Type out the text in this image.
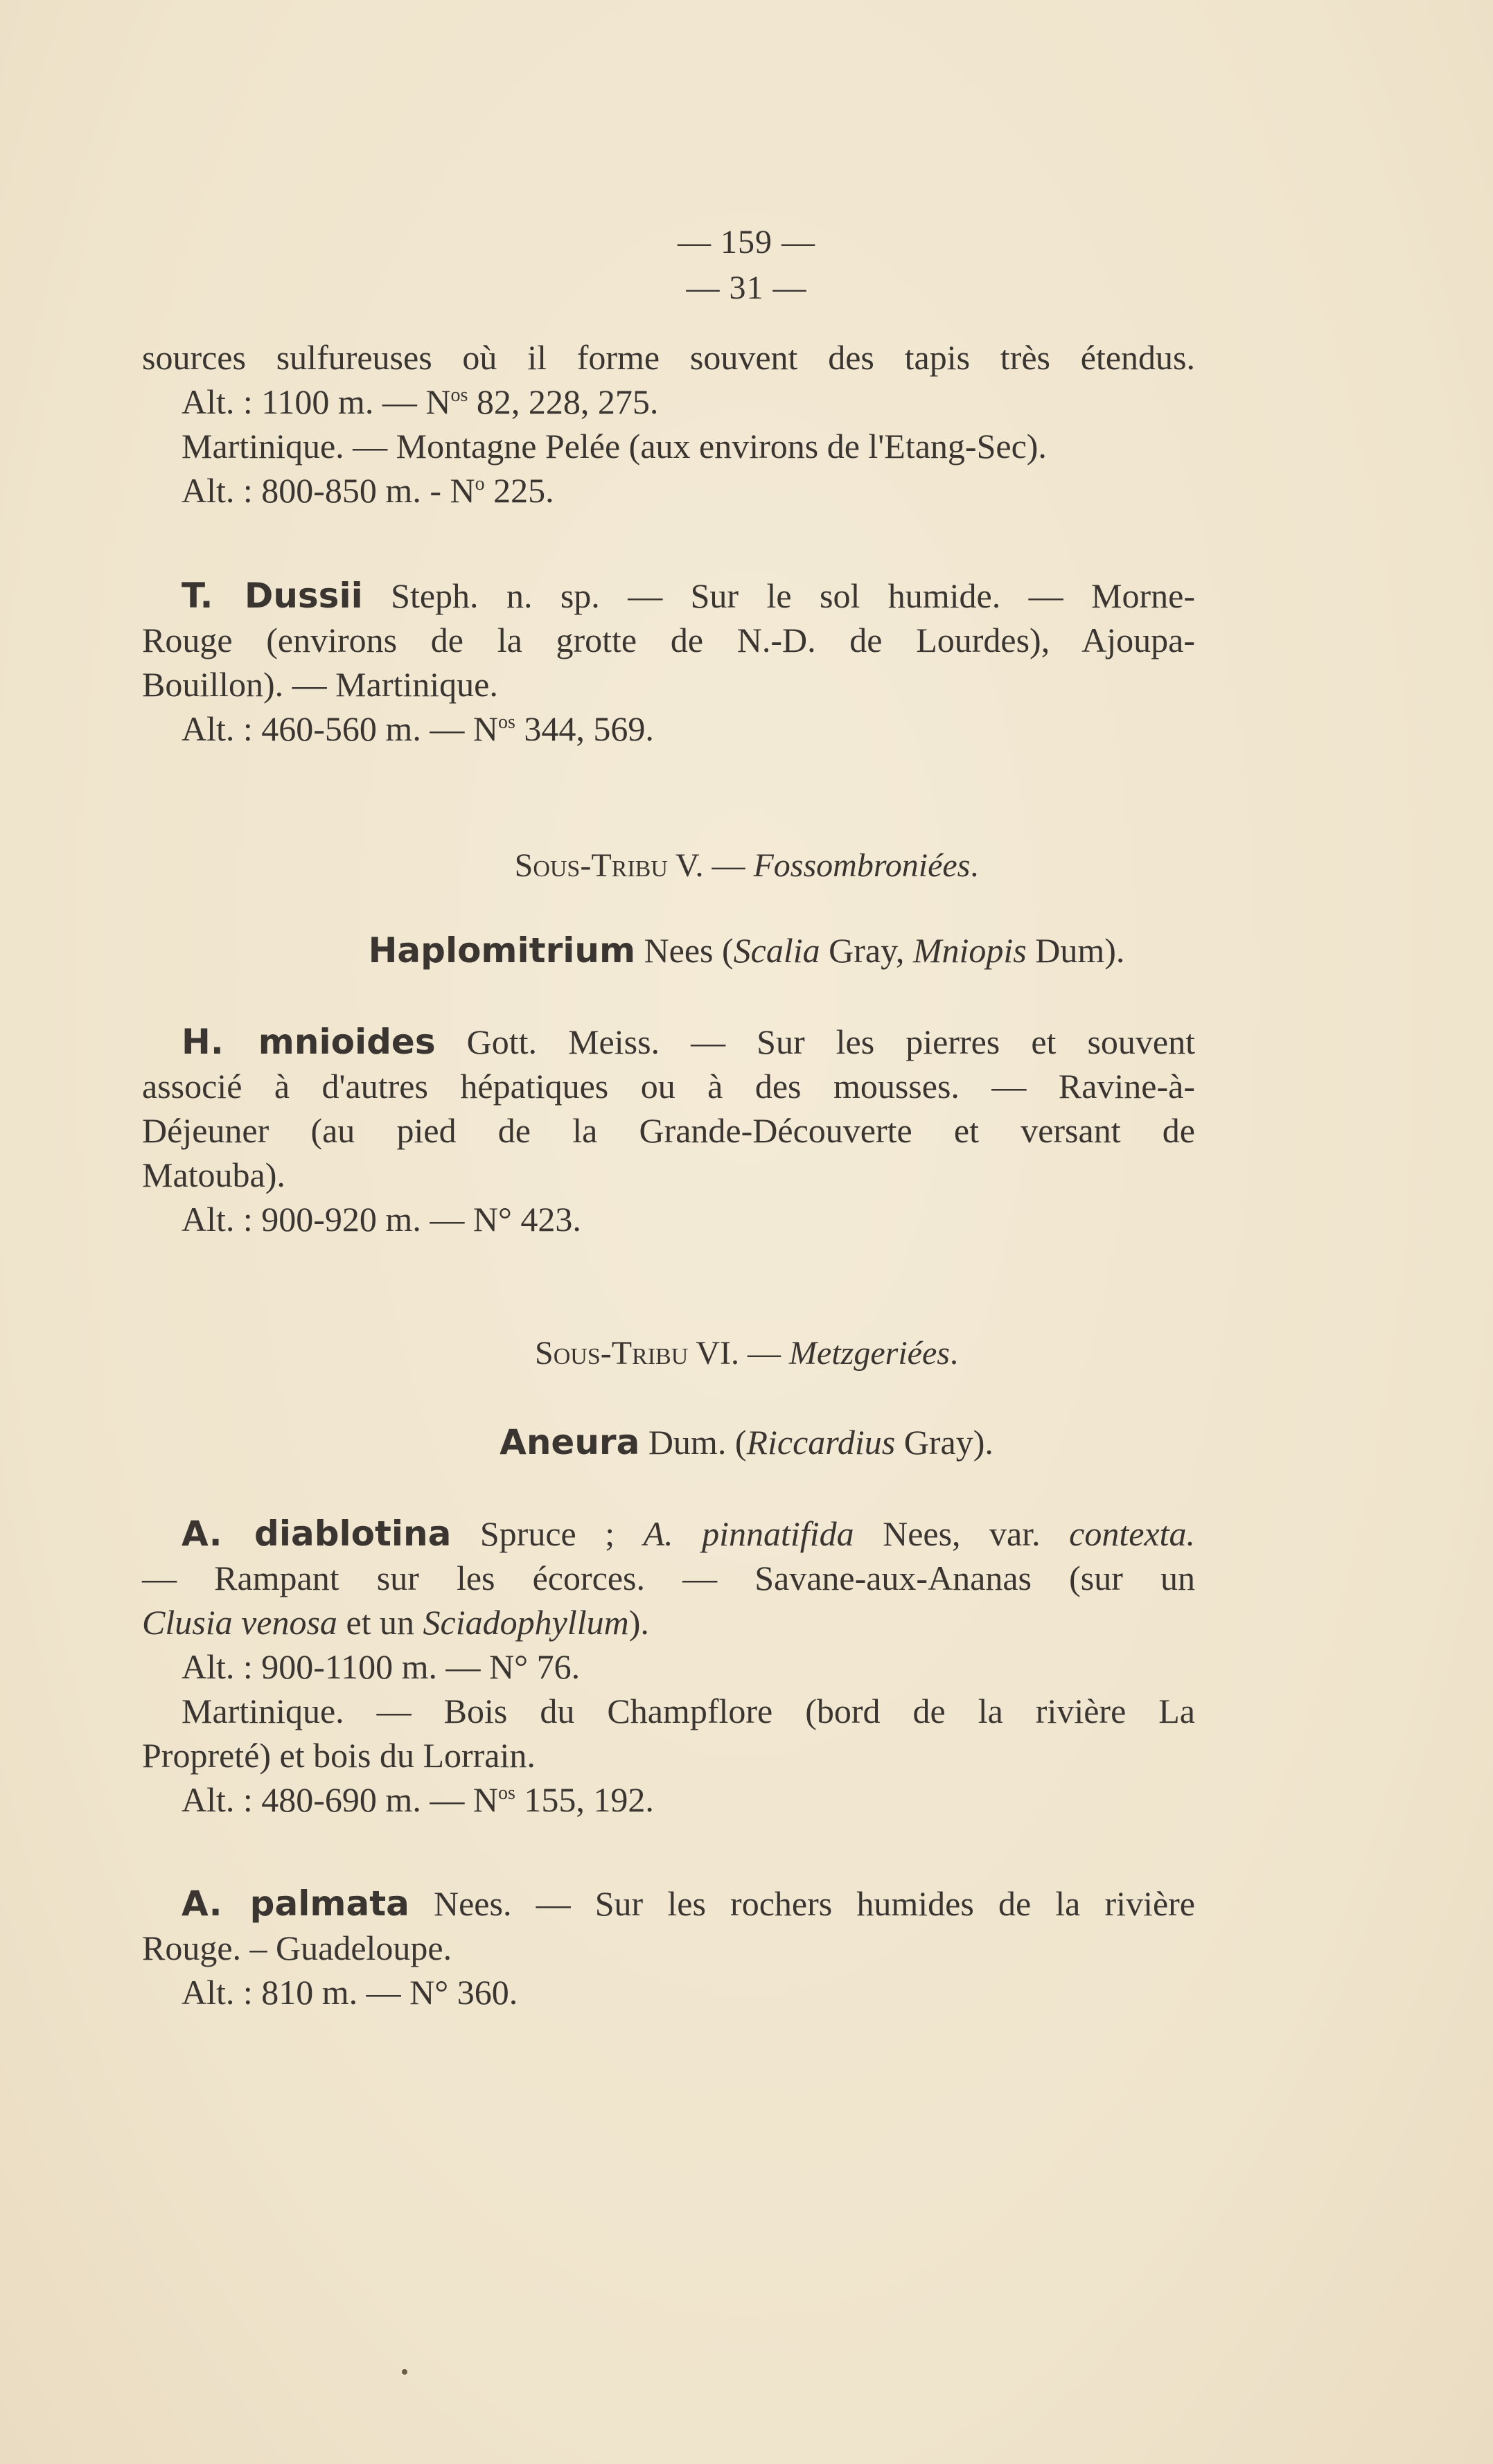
— 159 —
— 31 —
sources sulfureuses où il forme souvent des tapis très étendus.
Alt. : 1100 m. — $N^{os}$ 82, 228, 275.
Martinique. — Montagne Pelée (aux environs de l'Etang-Sec).
Alt. : 800-850 m. - $N^o$ 225.
T. Dussii Steph. n. sp. — Sur le sol humide. — Morne-
Rouge (environs de la grotte de N.-D. de Lourdes), Ajoupa-
Bouillon). — Martinique.
Alt. : 460-560 m. — $N^{os}$ 344, 569.
Sous-Tribu V. — Fossombroniées.
Haplomitrium Nees (Scalia Gray, Mniopis Dum).
H. mnioides Gott. Meiss. — Sur les pierres et souvent
associé à d'autres hépatiques ou à des mousses. — Ravine-à-
Déjeuner (au pied de la Grande-Découverte et versant de
Matouba).
Alt. : 900-920 m. — N° 423.
Sous-Tribu VI. — Metzgeriées.
Aneura Dum. (Riccardius Gray).
A. diablotina Spruce ; A. pinnatifida Nees, var. contexta.
— Rampant sur les écorces. — Savane-aux-Ananas (sur un
Clusia venosa et un Sciadophyllum).
Alt. : 900-1100 m. — N° 76.
Martinique. — Bois du Champflore (bord de la rivière La
Propreté) et bois du Lorrain.
Alt. : 480-690 m. — $N^{os}$ 155, 192.
A. palmata Nees. — Sur les rochers humides de la rivière
Rouge. – Guadeloupe.
Alt. : 810 m. — N° 360.
